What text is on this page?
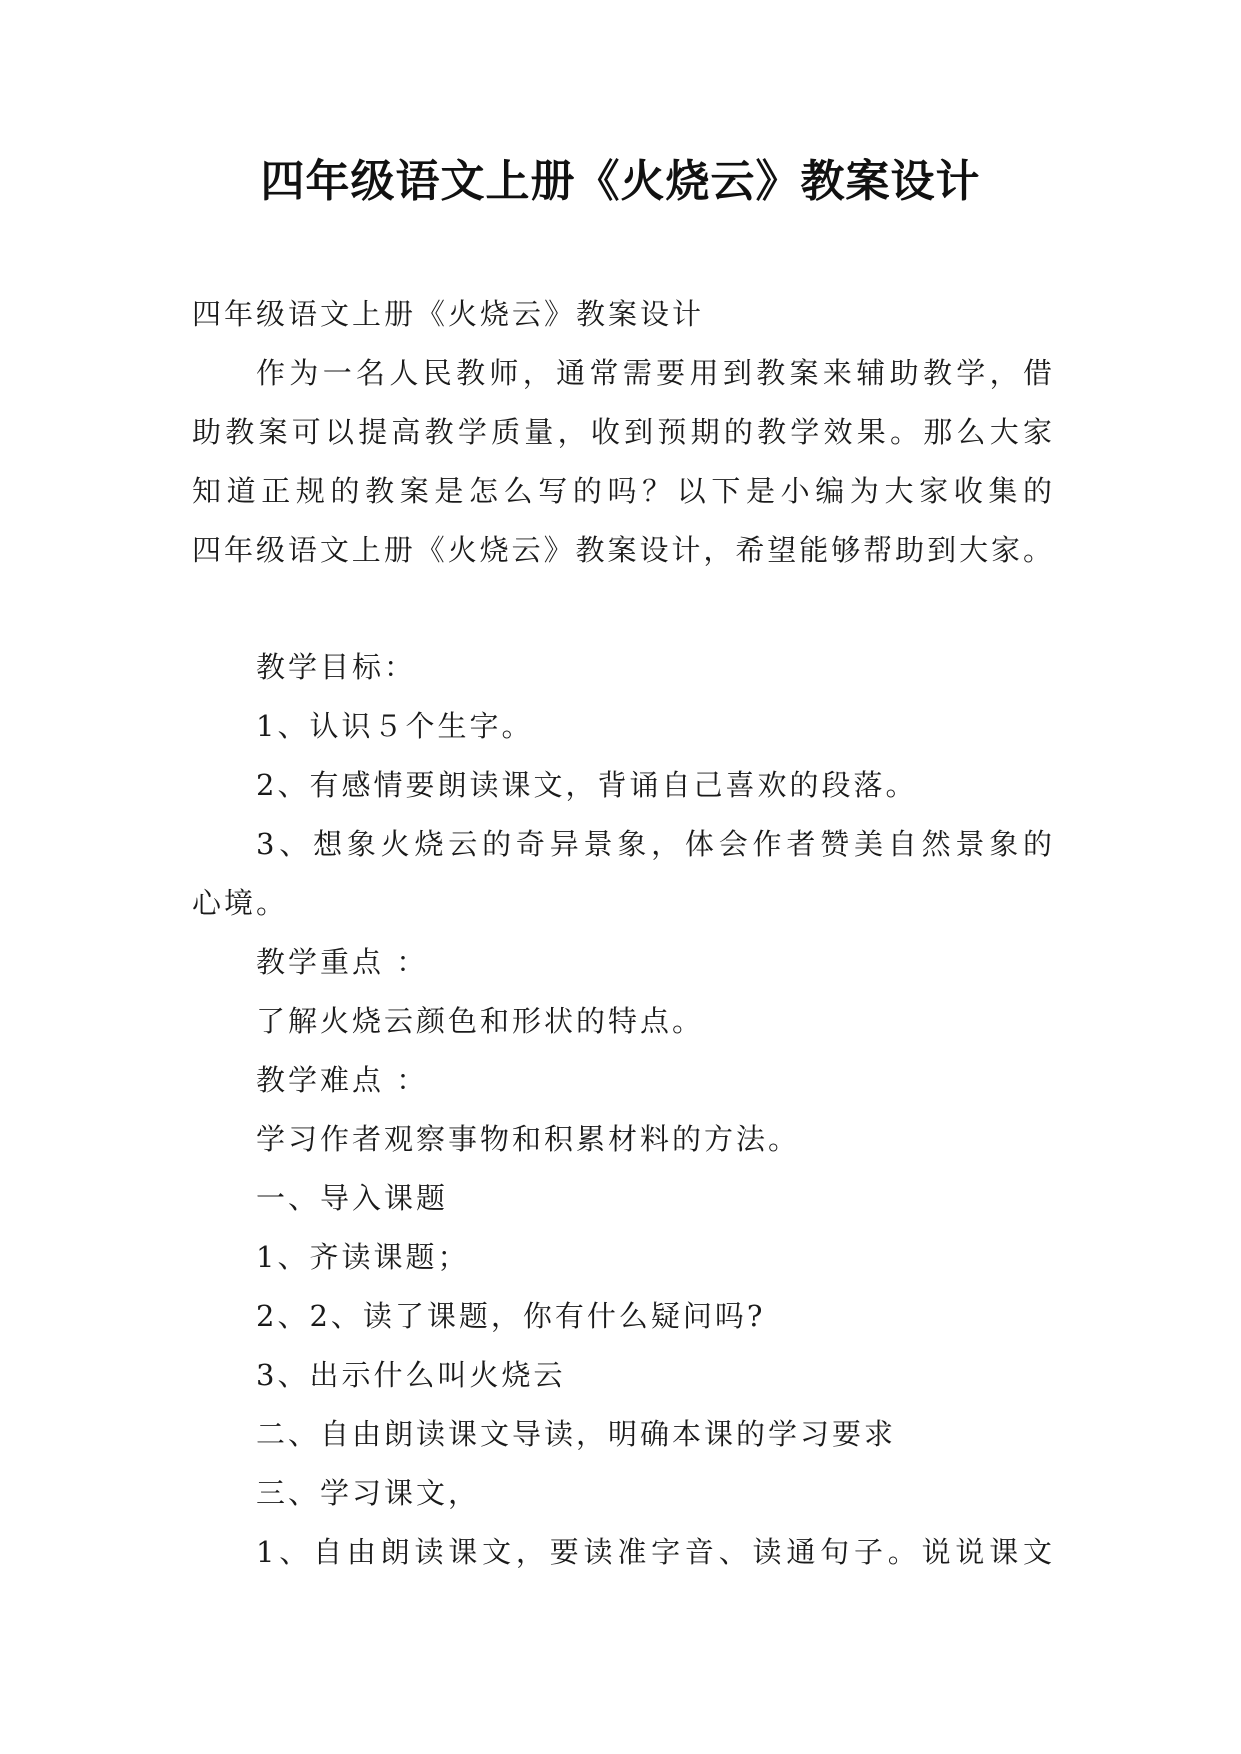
四年级语文上册《火烧云》教案设计
四年级语文上册《火烧云》教案设计
作为一名人民教师，通常需要用到教案来辅助教学，借
助教案可以提高教学质量，收到预期的教学效果。那么大家
知道正规的教案是怎么写的吗？以下是小编为大家收集的
四年级语文上册《火烧云》教案设计，希望能够帮助到大家。
教学目标：
1、认识５个生字。
2、有感情要朗读课文，背诵自己喜欢的段落。
3、想象火烧云的奇异景象，体会作者赞美自然景象的
心境。
教学重点 ：
了解火烧云颜色和形状的特点。
教学难点 ：
学习作者观察事物和积累材料的方法。
一、导入课题
1、齐读课题；
2、2、读了课题，你有什么疑问吗?
3、出示什么叫火烧云
二、自由朗读课文导读，明确本课的学习要求
三、学习课文，
1、自由朗读课文，要读准字音、读通句子。说说课文
